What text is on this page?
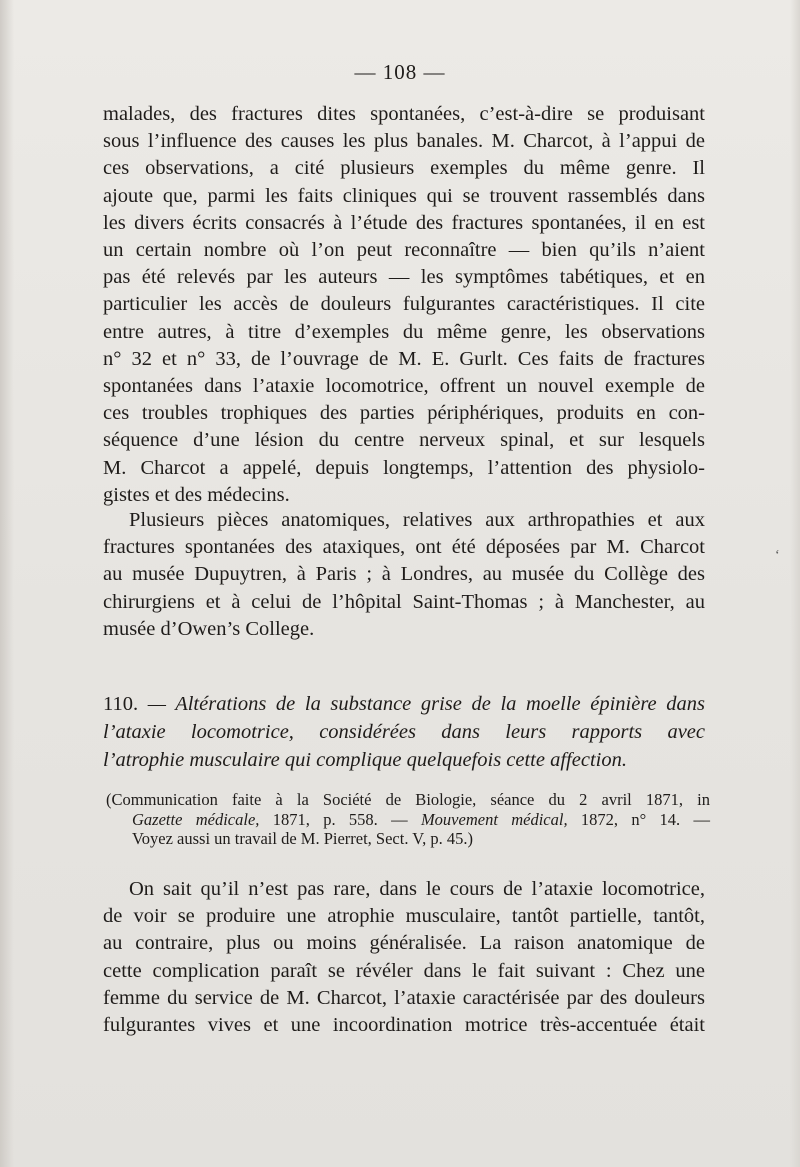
— 108 —
malades, des fractures dites spontanées, c’est-à-dire se produisant
sous l’influence des causes les plus banales. M. Charcot, à l’appui de
ces observations, a cité plusieurs exemples du même genre. Il
ajoute que, parmi les faits cliniques qui se trouvent rassemblés dans
les divers écrits consacrés à l’étude des fractures spontanées, il en est
un certain nombre où l’on peut reconnaître — bien qu’ils n’aient
pas été relevés par les auteurs — les symptômes tabétiques, et en
particulier les accès de douleurs fulgurantes caractéristiques. Il cite
entre autres, à titre d’exemples du même genre, les observations
n° 32 et n° 33, de l’ouvrage de M. E. Gurlt. Ces faits de fractures
spontanées dans l’ataxie locomotrice, offrent un nouvel exemple de
ces troubles trophiques des parties périphériques, produits en con-
séquence d’une lésion du centre nerveux spinal, et sur lesquels
M. Charcot a appelé, depuis longtemps, l’attention des physiolo-
gistes et des médecins.
Plusieurs pièces anatomiques, relatives aux arthropathies et aux
fractures spontanées des ataxiques, ont été déposées par M. Charcot
au musée Dupuytren, à Paris ; à Londres, au musée du Collège des
chirurgiens et à celui de l’hôpital Saint-Thomas ; à Manchester, au
musée d’Owen’s College.
ʻ
110. — Altérations de la substance grise de la moelle épinière dans
l’ataxie locomotrice, considérées dans leurs rapports avec
l’atrophie musculaire qui complique quelquefois cette affection.
(Communication faite à la Société de Biologie, séance du 2 avril 1871, in
Gazette médicale, 1871, p. 558. — Mouvement médical, 1872, n° 14. —
Voyez aussi un travail de M. Pierret, Sect. V, p. 45.)
On sait qu’il n’est pas rare, dans le cours de l’ataxie locomotrice,
de voir se produire une atrophie musculaire, tantôt partielle, tantôt,
au contraire, plus ou moins généralisée. La raison anatomique de
cette complication paraît se révéler dans le fait suivant : Chez une
femme du service de M. Charcot, l’ataxie caractérisée par des douleurs
fulgurantes vives et une incoordination motrice très-accentuée était
